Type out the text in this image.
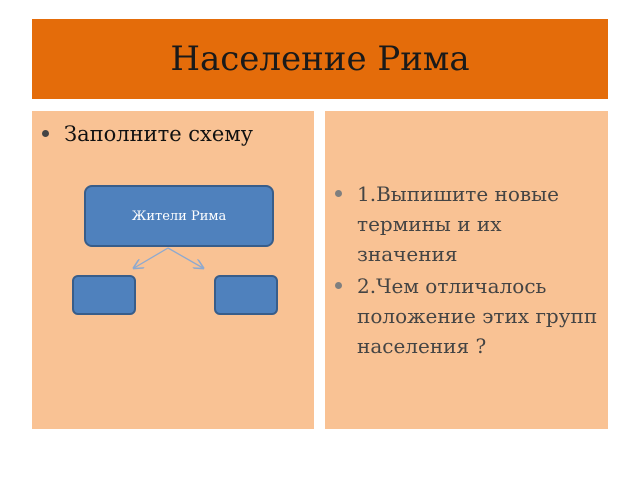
Население Рима
Заполните схему
1.Выпишите новые термины и их значения
2.Чем отличалось положение этих групп населения ?
Жители Рима
